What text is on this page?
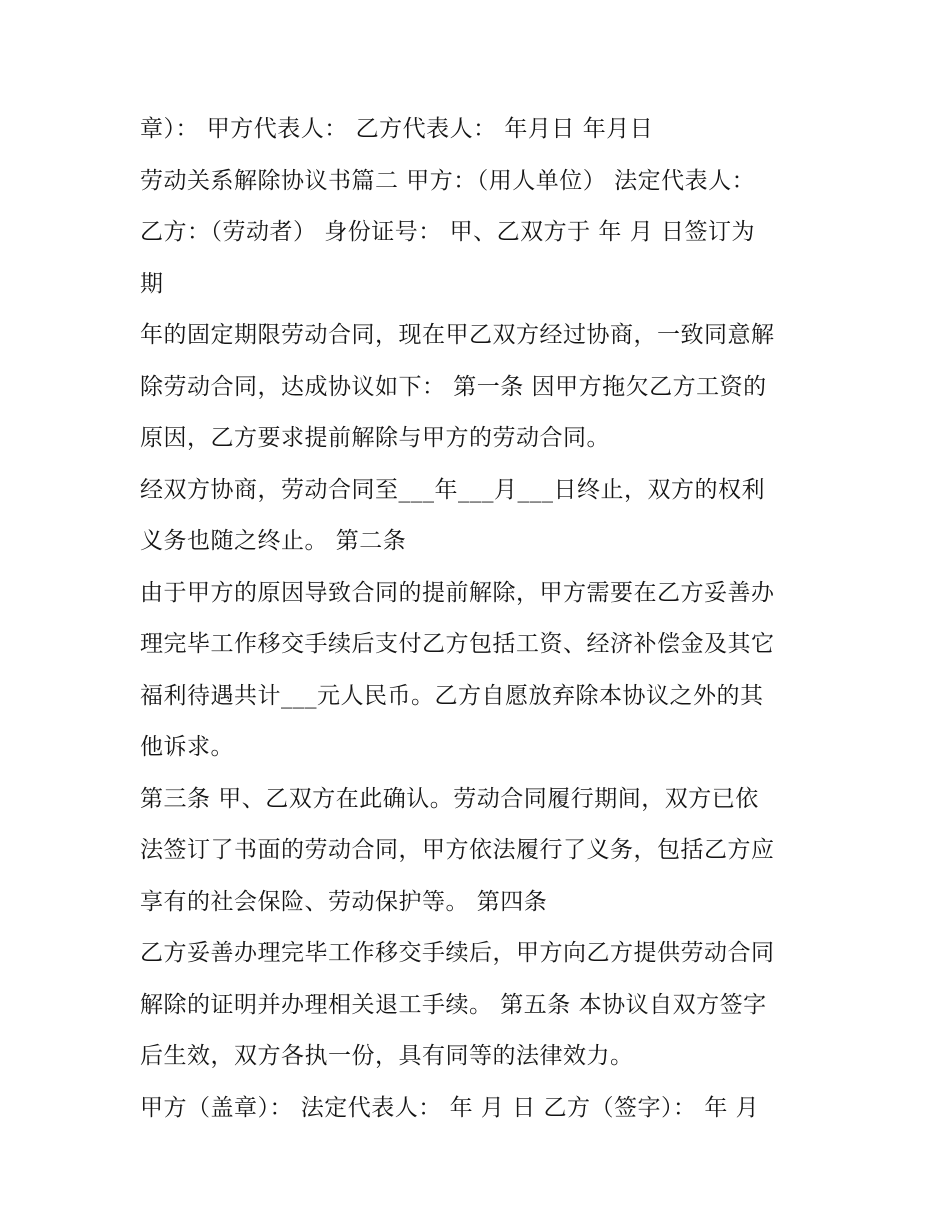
章）： 甲方代表人： 乙方代表人： 年月日 年月日
劳动关系解除协议书篇二 甲方：（用人单位） 法定代表人：
乙方：（劳动者） 身份证号： 甲、乙双方于 年 月 日签订为
期
年的固定期限劳动合同，现在甲乙双方经过协商，一致同意解
除劳动合同，达成协议如下： 第一条 因甲方拖欠乙方工资的
原因，乙方要求提前解除与甲方的劳动合同。
经双方协商，劳动合同至___年___月___日终止，双方的权利
义务也随之终止。 第二条
由于甲方的原因导致合同的提前解除，甲方需要在乙方妥善办
理完毕工作移交手续后支付乙方包括工资、经济补偿金及其它
福利待遇共计___元人民币。乙方自愿放弃除本协议之外的其
他诉求。
第三条 甲、乙双方在此确认。劳动合同履行期间，双方已依
法签订了书面的劳动合同，甲方依法履行了义务，包括乙方应
享有的社会保险、劳动保护等。 第四条
乙方妥善办理完毕工作移交手续后，甲方向乙方提供劳动合同
解除的证明并办理相关退工手续。 第五条 本协议自双方签字
后生效，双方各执一份，具有同等的法律效力。
甲方（盖章）： 法定代表人： 年 月 日 乙方（签字）： 年 月
